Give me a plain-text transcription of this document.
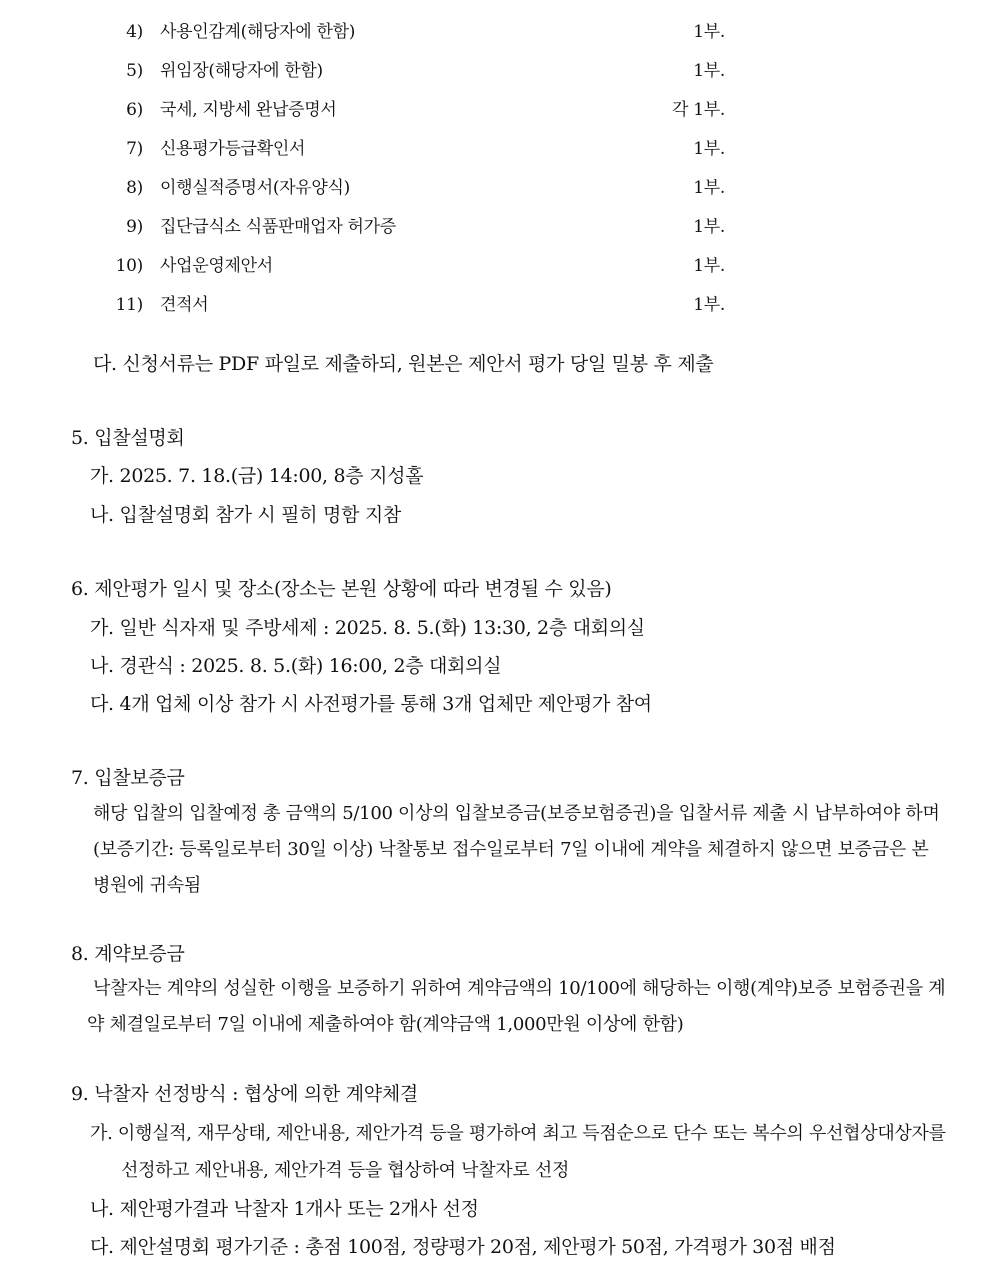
4) 사용인감계(해당자에 한함)	1부.
5) 위임장(해당자에 한함)	1부.
6) 국세, 지방세 완납증명서	각 1부.
7) 신용평가등급확인서	1부.
8) 이행실적증명서(자유양식)	1부.
9) 집단급식소 식품판매업자 허가증	1부.
10) 사업운영제안서	1부.
11) 견적서	1부.
다. 신청서류는 PDF 파일로 제출하되, 원본은 제안서 평가 당일 밀봉 후 제출
5. 입찰설명회
가. 2025. 7. 18.(금) 14:00, 8층 지성홀
나. 입찰설명회 참가 시 필히 명함 지참
6. 제안평가 일시 및 장소(장소는 본원 상황에 따라 변경될 수 있음)
가. 일반 식자재 및 주방세제 : 2025. 8. 5.(화) 13:30, 2층 대회의실
나. 경관식 : 2025. 8. 5.(화) 16:00, 2층 대회의실
다. 4개 업체 이상 참가 시 사전평가를 통해 3개 업체만 제안평가 참여
7. 입찰보증금
해당 입찰의 입찰예정 총 금액의 5/100 이상의 입찰보증금(보증보험증권)을 입찰서류 제출 시 납부하여야 하며
(보증기간: 등록일로부터 30일 이상) 낙찰통보 접수일로부터 7일 이내에 계약을 체결하지 않으면 보증금은 본
병원에 귀속됨
8. 계약보증금
낙찰자는 계약의 성실한 이행을 보증하기 위하여 계약금액의 10/100에 해당하는 이행(계약)보증 보험증권을 계
약 체결일로부터 7일 이내에 제출하여야 함(계약금액 1,000만원 이상에 한함)
9. 낙찰자 선정방식 : 협상에 의한 계약체결
가. 이행실적, 재무상태, 제안내용, 제안가격 등을 평가하여 최고 득점순으로 단수 또는 복수의 우선협상대상자를
선정하고 제안내용, 제안가격 등을 협상하여 낙찰자로 선정
나. 제안평가결과 낙찰자 1개사 또는 2개사 선정
다. 제안설명회 평가기준 : 총점 100점, 정량평가 20점, 제안평가 50점, 가격평가 30점 배점
